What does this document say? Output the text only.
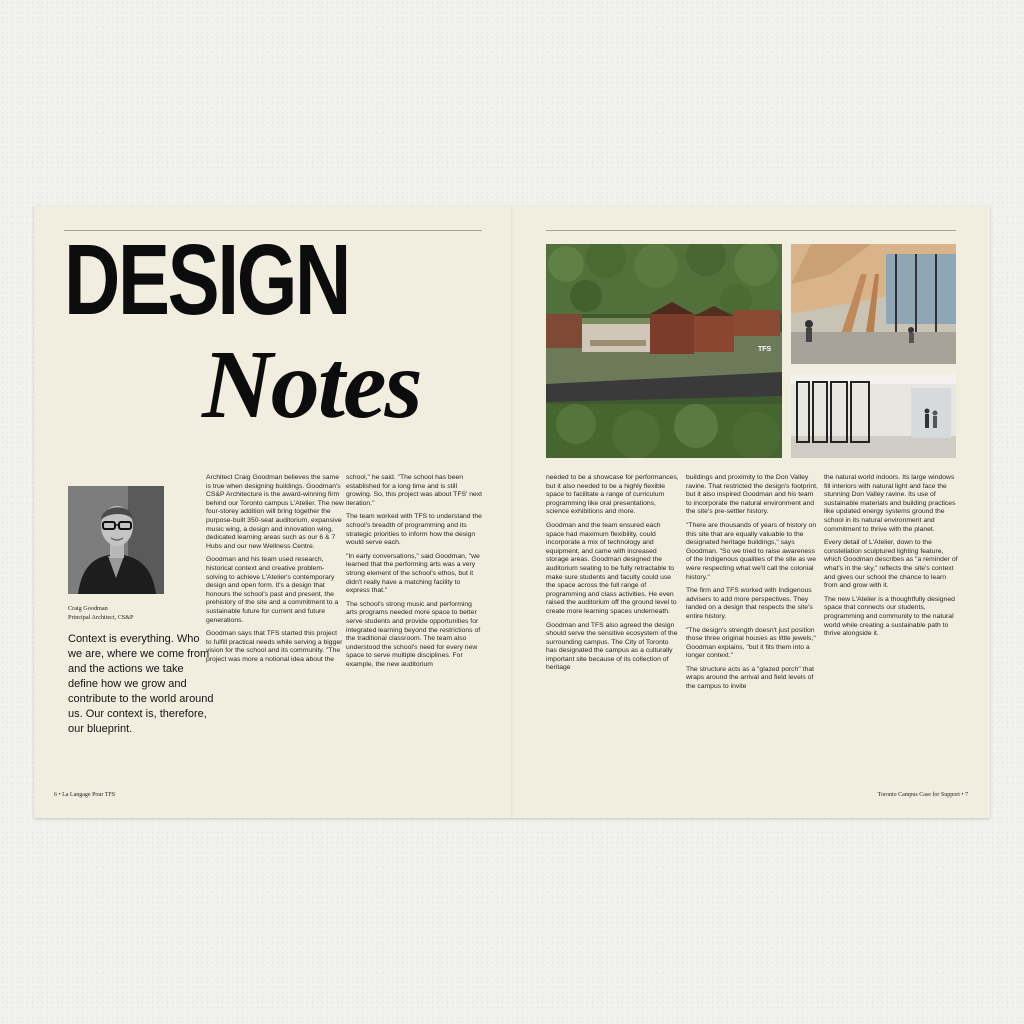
DESIGN
Notes
Craig Goodman
Principal Architect, CS&P

Context is everything. Who we are, where we come from and the actions we take define how we grow and contribute to the world around us. Our context is, therefore, our blueprint.

Architect Craig Goodman believes the same is true when designing buildings. Goodman's CS&P Architecture is the award-winning firm behind our Toronto campus L'Atelier. The new four-storey addition will bring together the purpose-built 350-seat auditorium, expansive music wing, a design and innovation wing, dedicated learning areas such as our 6 & 7 Hubs and our new Wellness Centre.

Goodman and his team used research, historical context and creative problem-solving to achieve L'Atelier's contemporary design and open form. It's a design that honours the school's past and present, the prehistory of the site and a commitment to a sustainable future for current and future generations.

Goodman says that TFS started this project to fulfill practical needs while serving a bigger vision for the school and its community. "The project was more a notional idea about the

school," he said. "The school has been established for a long time and is still growing. So, this project was about TFS' next iteration."

The team worked with TFS to understand the school's breadth of programming and its strategic priorities to inform how the design would serve each.

"In early conversations," said Goodman, "we learned that the performing arts was a very strong element of the school's ethos, but it didn't really have a matching facility to express that."

The school's strong music and performing arts programs needed more space to better serve students and provide opportunities for integrated learning beyond the restrictions of the traditional classroom. The team also understood the school's need for every new space to serve multiple disciplines. For example, the new auditorium

6 • La Langage Pour TFS
TFS

needed to be a showcase for performances, but it also needed to be a highly flexible space to facilitate a range of curriculum programming like oral presentations, science exhibitions and more.

Goodman and the team ensured each space had maximum flexibility, could incorporate a mix of technology and equipment, and came with increased storage areas. Goodman designed the auditorium seating to be fully retractable to make sure students and faculty could use the space across the full range of programming and class activities. He even raised the auditorium off the ground level to create more learning spaces underneath.

Goodman and TFS also agreed the design should serve the sensitive ecosystem of the surrounding campus. The City of Toronto has designated the campus as a culturally important site because of its collection of heritage

buildings and proximity to the Don Valley ravine. That restricted the design's footprint, but it also inspired Goodman and his team to incorporate the natural environment and the site's pre-settler history.

"There are thousands of years of history on this site that are equally valuable to the designated heritage buildings," says Goodman. "So we tried to raise awareness of the Indigenous qualities of the site as we were respecting what we'll call the colonial history."

The firm and TFS worked with Indigenous advisers to add more perspectives. They landed on a design that respects the site's entire history.

"The design's strength doesn't just position those three original houses as little jewels," Goodman explains, "but it fits them into a longer context."

The structure acts as a "glazed porch" that wraps around the arrival and field levels of the campus to invite

the natural world indoors. Its large windows fill interiors with natural light and face the stunning Don Valley ravine. Its use of sustainable materials and building practices like updated energy systems ground the school in its natural environment and commitment to thrive with the planet.

Every detail of L'Atelier, down to the constellation sculptured lighting feature, which Goodman describes as "a reminder of what's in the sky," reflects the site's context and gives our school the chance to learn from and grow with it.

The new L'Atelier is a thoughtfully designed space that connects our students, programming and community to the natural world while creating a sustainable path to thrive alongside it.

Toronto Campus Case for Support • 7
